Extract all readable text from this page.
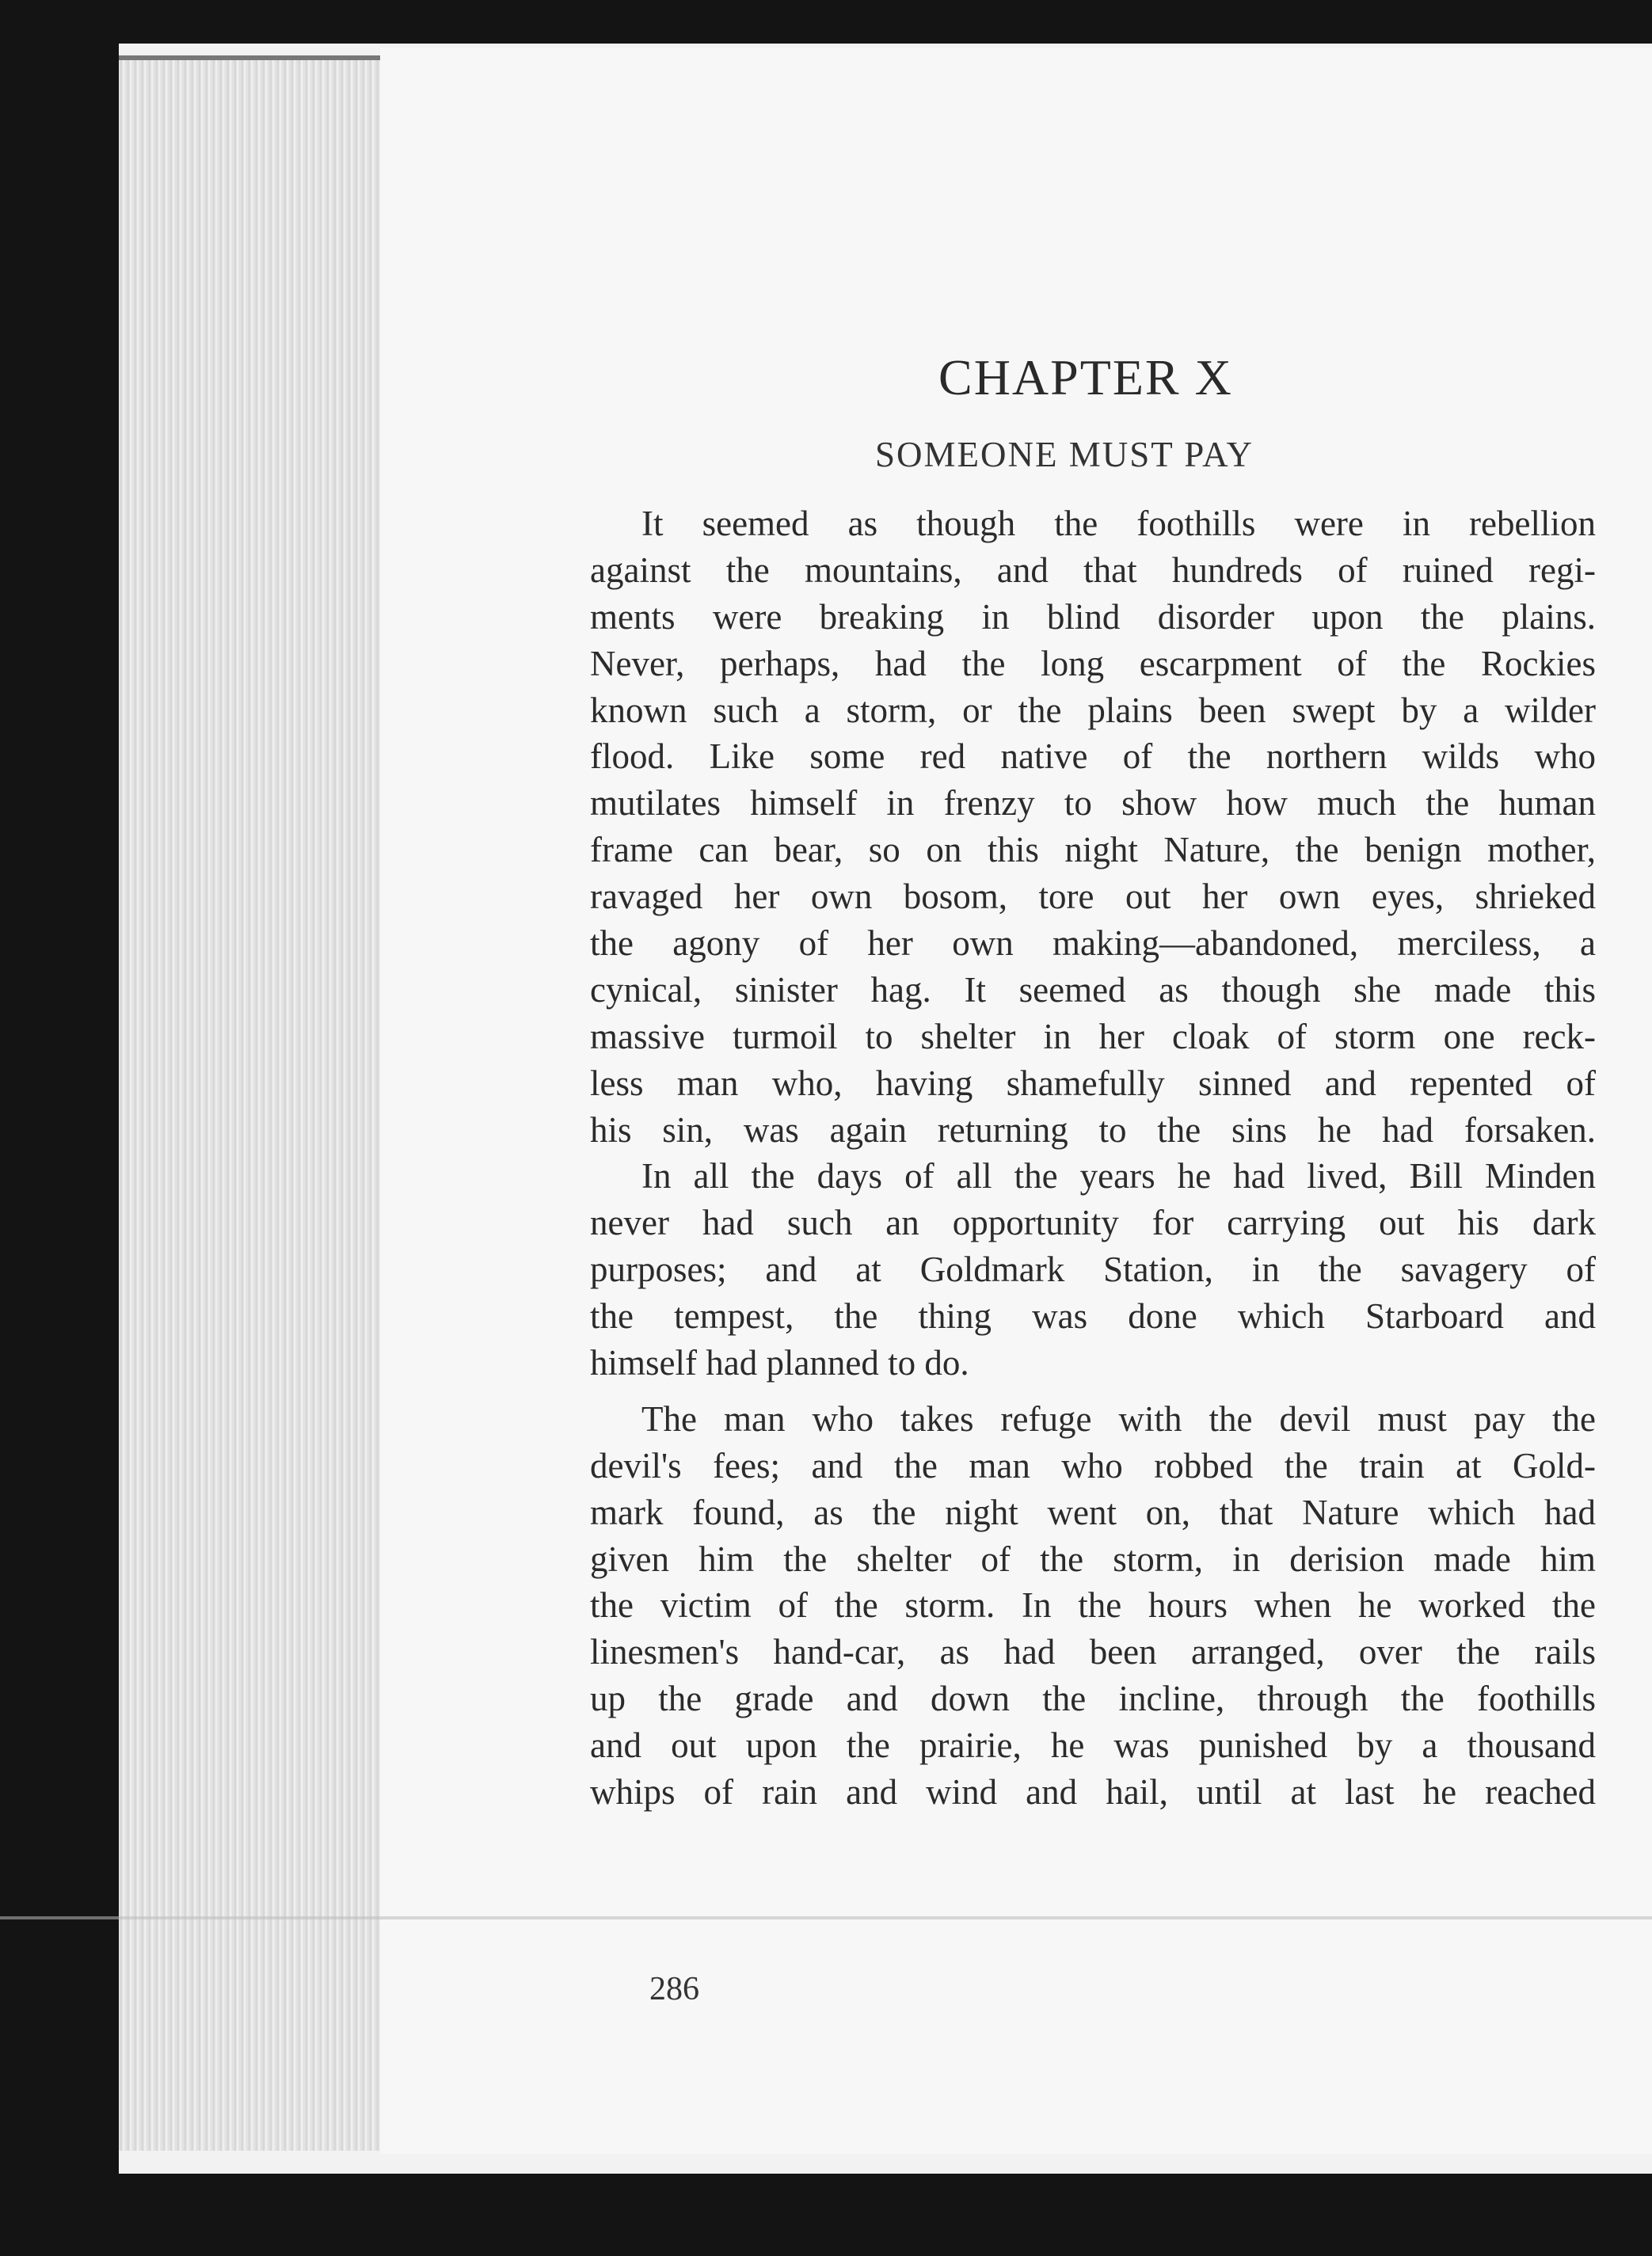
CHAPTER X
SOMEONE MUST PAY
It seemed as though the foothills were in rebellion
against the mountains, and that hundreds of ruined regi-
ments were breaking in blind disorder upon the plains.
Never, perhaps, had the long escarpment of the Rockies
known such a storm, or the plains been swept by a wilder
flood. Like some red native of the northern wilds who
mutilates himself in frenzy to show how much the human
frame can bear, so on this night Nature, the benign mother,
ravaged her own bosom, tore out her own eyes, shrieked
the agony of her own making—abandoned, merciless, a
cynical, sinister hag. It seemed as though she made this
massive turmoil to shelter in her cloak of storm one reck-
less man who, having shamefully sinned and repented of
his sin, was again returning to the sins he had forsaken.
In all the days of all the years he had lived, Bill Minden
never had such an opportunity for carrying out his dark
purposes; and at Goldmark Station, in the savagery of
the tempest, the thing was done which Starboard and
himself had planned to do.
The man who takes refuge with the devil must pay the
devil's fees; and the man who robbed the train at Gold-
mark found, as the night went on, that Nature which had
given him the shelter of the storm, in derision made him
the victim of the storm. In the hours when he worked the
linesmen's hand-car, as had been arranged, over the rails
up the grade and down the incline, through the foothills
and out upon the prairie, he was punished by a thousand
whips of rain and wind and hail, until at last he reached
286
